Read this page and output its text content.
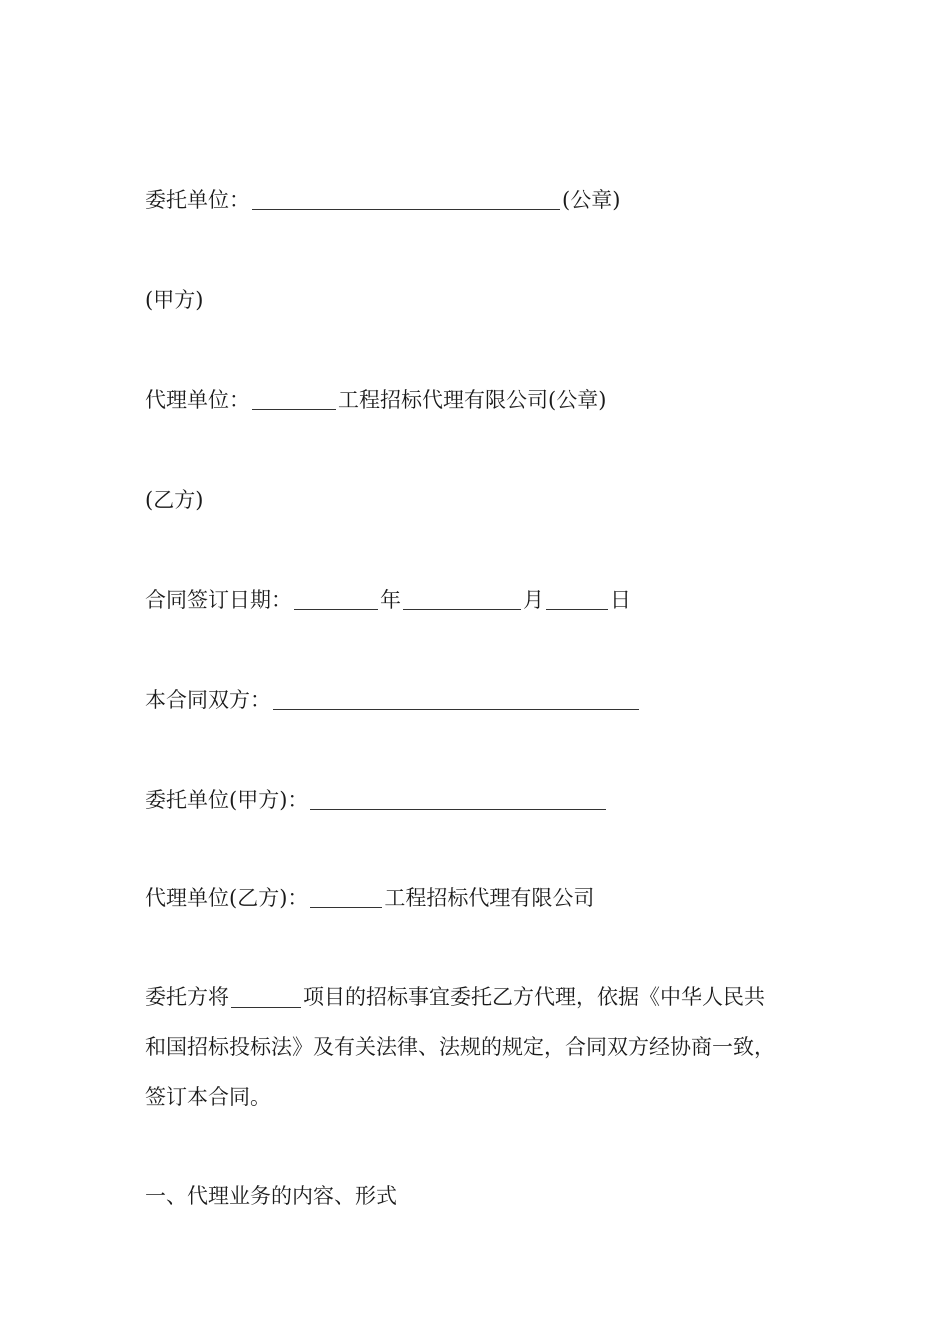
委托单位：	(公章)
(甲方)
代理单位：	工程招标代理有限公司(公章)
(乙方)
合同签订日期：	年	月	日
本合同双方：
委托单位(甲方)：
代理单位(乙方)：	工程招标代理有限公司
委托方将	项目的招标事宜委托乙方代理，依据《中华人民共
和国招标投标法》及有关法律、法规的规定，合同双方经协商一致，
签订本合同。
一、代理业务的内容、形式
